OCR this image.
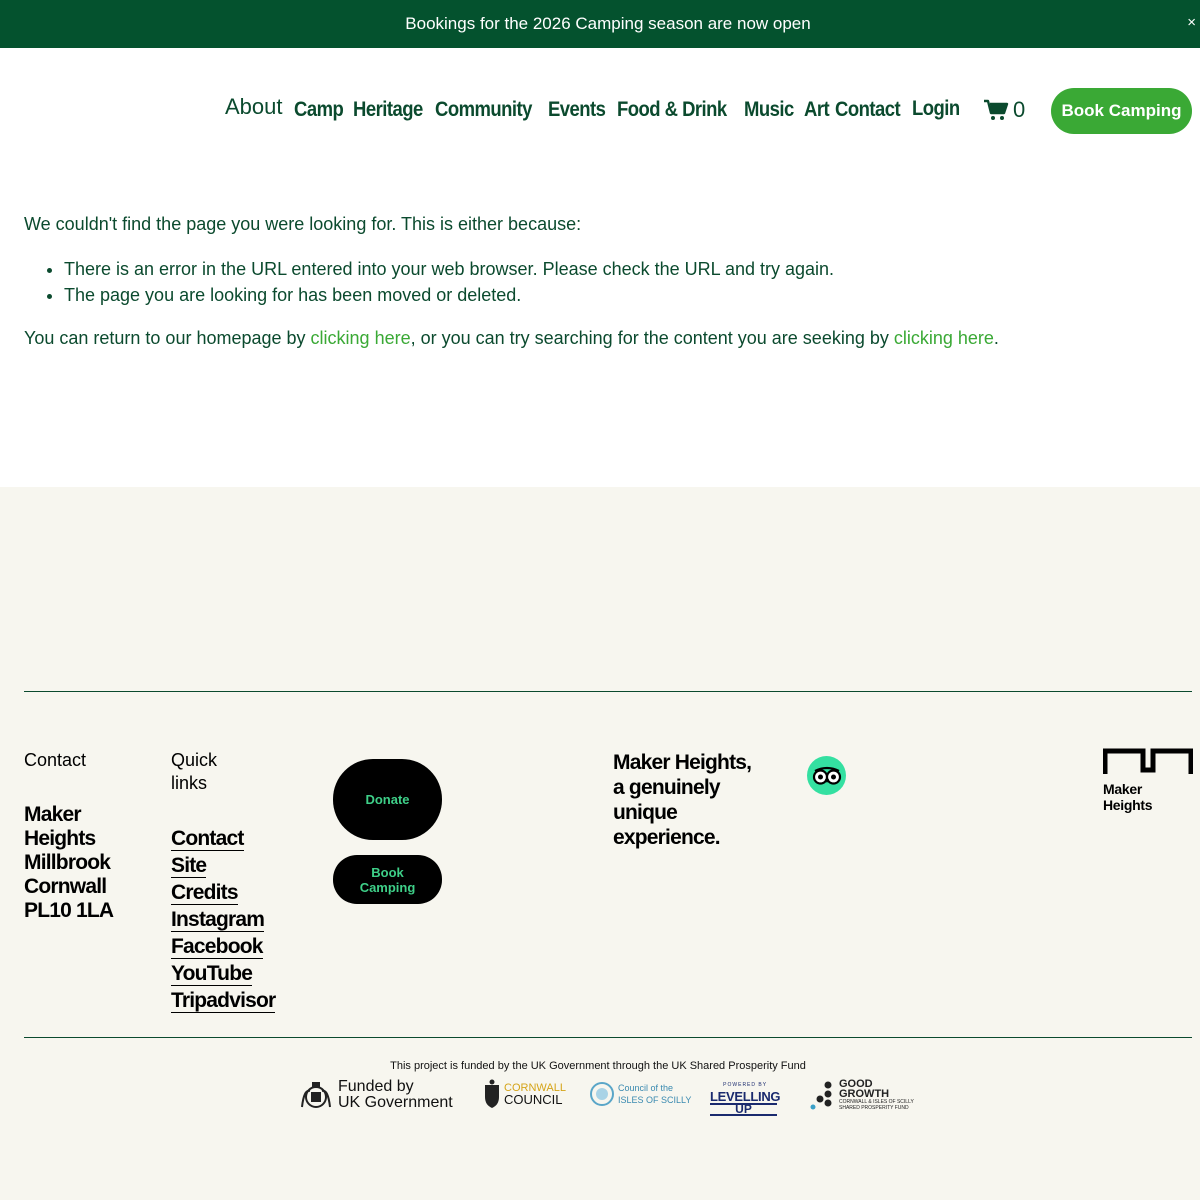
Bookings for the 2026 Camping season are now open	×
About Camp Heritage Community Events Food & Drink Music Art Contact Login 0	Book Camping

We couldn't find the page you were looking for. This is either because:

• There is an error in the URL entered into your web browser. Please check the URL and try again.
• The page you are looking for has been moved or deleted.

You can return to our homepage by clicking here, or you can try searching for the content you are seeking by clicking here.

Contact
Maker
Heights
Millbrook
Cornwall
PL10 1LA
Quick links
Contact
Site
Credits
Instagram
Facebook
YouTube
Tripadvisor
Donate
Book Camping
Maker Heights, a genuinely unique experience.
Maker Heights
This project is funded by the UK Government through the UK Shared Prosperity Fund
Funded by
UK Government
CORNWALL
COUNCIL
Council of the
ISLES OF SCILLY
POWERED BY
LEVELLING
UP
GOOD
GROWTH
CORNWALL & ISLES OF SCILLY
SHARED PROSPERITY FUND
